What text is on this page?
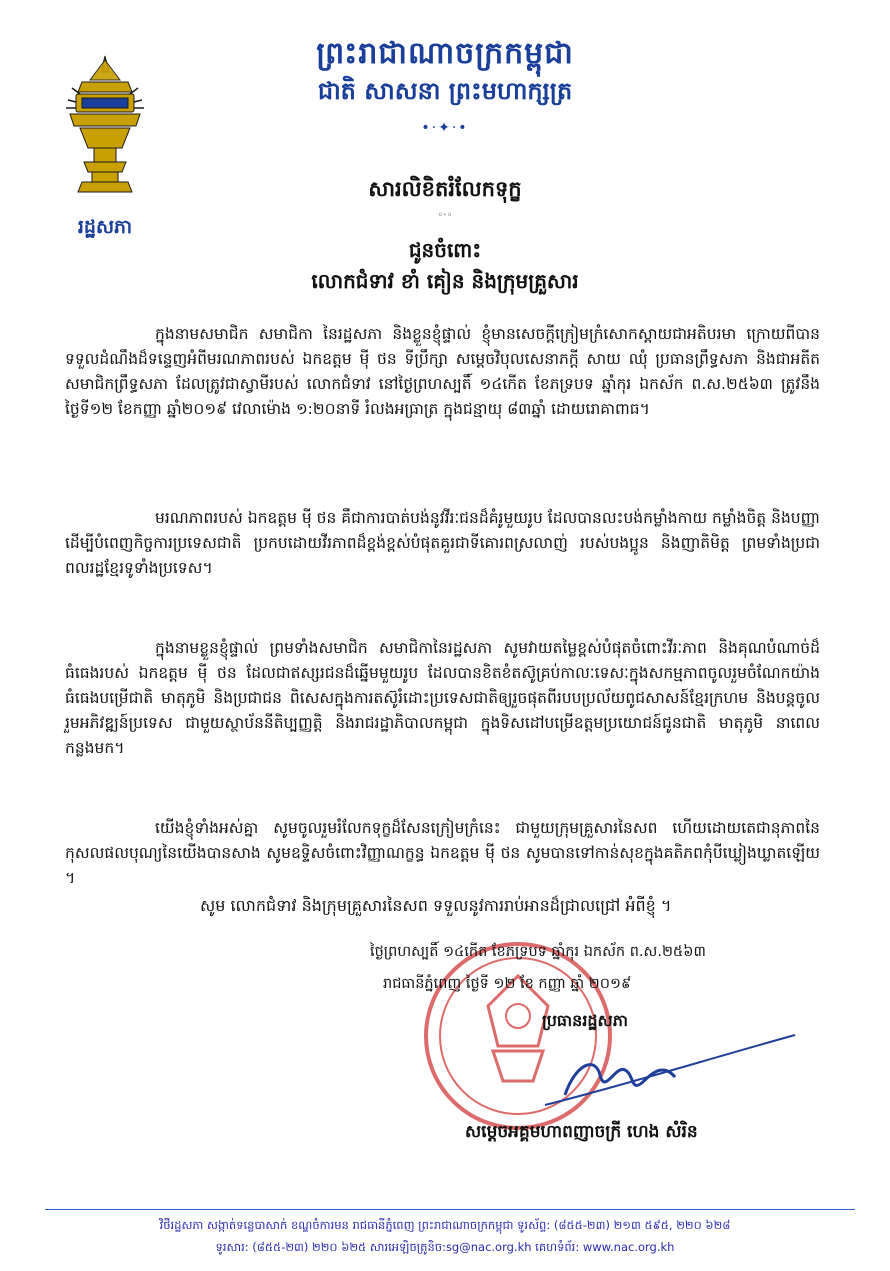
ព្រះរាជាណាចក្រកម្ពុជា
ជាតិ សាសនា ព្រះមហាក្សត្រ
•·✦·•
រដ្ឋសភា
សារលិខិតរំលែកទុក្ខ
◦·◦
ជូនចំពោះ
លោកជំទាវ ខាំ គៀន និងក្រុមគ្រួសារ

ក្នុងនាមសមាជិក សមាជិកា នៃរដ្ឋសភា និងខ្លួនខ្ញុំផ្ទាល់ ខ្ញុំមានសេចក្តីក្រៀមក្រំសោកស្តាយជាអតិបរមា ក្រោយពីបានទទួលដំណឹងដ៏ទន្ទេញអំពីមរណភាពរបស់ ឯកឧត្តម ម៉ី ថន ទីប្រឹក្សា សម្តេចវិបុលសេនាភក្តី សាយ ឈុំ ប្រធានព្រឹទ្ធសភា និងជាអតីតសមាជិកព្រឹទ្ធសភា ដែលត្រូវជាស្វាមីរបស់ លោកជំទាវ នៅថ្ងៃព្រហស្បតិ៍ ១៤កើត ខែភទ្របទ ឆ្នាំកុរ ឯកស័ក ព.ស.២៥៦៣ ត្រូវនឹងថ្ងៃទី១២ ខែកញ្ញា ឆ្នាំ២០១៩ វេលាម៉ោង ១:២០នាទី រំលងអធ្រាត្រ ក្នុងជន្មាយុ ៨៣ឆ្នាំ ដោយរោគាពាធ។

មរណភាពរបស់ ឯកឧត្តម ម៉ី ថន គឺជាការបាត់បង់នូវវីរៈជនដ៏គំរូមួយរូប ដែលបានលះបង់កម្លាំងកាយ កម្លាំងចិត្ត និងបញ្ញា ដើម្បីបំពេញកិច្ចការប្រទេសជាតិ ប្រកបដោយវីរភាពដ៏ខ្ពង់ខ្ពស់បំផុតគួរជាទីគោរពស្រលាញ់ របស់បងប្អូន និងញាតិមិត្ត ព្រមទាំងប្រជាពលរដ្ឋខ្មែរទូទាំងប្រទេស។

ក្នុងនាមខ្លួនខ្ញុំផ្ទាល់ ព្រមទាំងសមាជិក សមាជិកានៃរដ្ឋសភា សូមវាយតម្លៃខ្ពស់បំផុតចំពោះវីរៈភាព និងគុណបំណាច់ដ៏ធំធេងរបស់ ឯកឧត្តម ម៉ី ថន ដែលជាឥស្សរជនដ៏ឆ្នើមមួយរូប ដែលបានខិតខំតស៊ូគ្រប់កាលៈទេសៈក្នុងសកម្មភាពចូលរួមចំណែកយ៉ាងធំធេងបម្រើជាតិ មាតុភូមិ និងប្រជាជន ពិសេសក្នុងការតស៊ូរំដោះប្រទេសជាតិឲ្យរួចផុតពីរបបប្រល័យពូជសាសន៍ខ្មែរក្រហម និងបន្តចូលរួមអភិវឌ្ឍន៍ប្រទេស ជាមួយស្ថាប័ននីតិប្បញ្ញត្តិ និងរាជរដ្ឋាភិបាលកម្ពុជា ក្នុងទិសដៅបម្រើឧត្តមប្រយោជន៍ជូនជាតិ មាតុភូមិ នាពេលកន្លងមក។

យើងខ្ញុំទាំងអស់គ្នា សូមចូលរួមរំលែកទុក្ខដ៏សែនក្រៀមក្រំនេះ ជាមួយក្រុមគ្រួសារនៃសព ហើយដោយតេជានុភាពនៃកុសលផលបុណ្យនៃយើងបានសាង សូមឧទ្ទិសចំពោះវិញ្ញាណក្ខន្ធ ឯកឧត្តម ម៉ី ថន សូមបានទៅកាន់សុខក្នុងគតិភពកុំបីឃ្លៀងឃ្លាតឡើយ ។

សូម លោកជំទាវ និងក្រុមគ្រួសារនៃសព ទទួលនូវការរាប់អានដ៏ជ្រាលជ្រៅ អំពីខ្ញុំ ។
ថ្ងៃព្រហស្បតិ៍ ១៤កើត ខែភទ្របទ ឆ្នាំកុរ ឯកស័ក ព.ស.២៥៦៣
រាជធានីភ្នំពេញ ថ្ងៃទី ១២ ខែ កញ្ញា ឆ្នាំ ២០១៩
ប្រធានរដ្ឋសភា
សម្តេចអគ្គមហាពញាចក្រី ហេង សំរិន
វិថីរដ្ឋសភា សង្កាត់ទន្លេបាសាក់ ខណ្ឌចំការមន រាជធានីភ្នំពេញ ព្រះរាជាណាចក្រកម្ពុជា ទូរស័ព្ទ: (៨៥៥-២៣) ២១៣ ៥៩៥, ២២០ ៦២៨
ទូរសារ: (៨៥៥-២៣) ២២០ ៦២៥ សារអេឡិចត្រូនិច:sg@nac.org.kh គេហទំព័រ: www.nac.org.kh
